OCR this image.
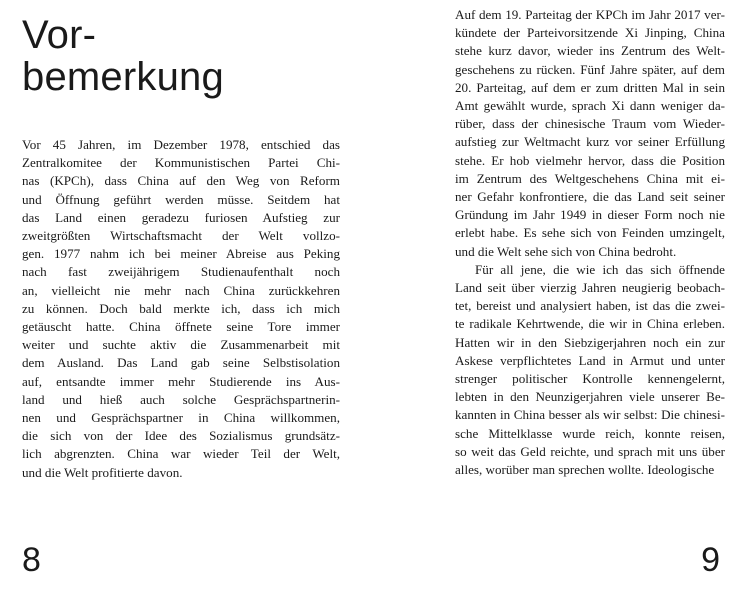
Vor-
bemerkung

Vor 45 Jahren, im Dezember 1978, entschied das
Zentralkomitee der Kommunistischen Partei Chi-
nas (KPCh), dass China auf den Weg von Reform
und Öffnung geführt werden müsse. Seitdem hat
das Land einen geradezu furiosen Aufstieg zur
zweitgrößten Wirtschaftsmacht der Welt vollzo-
gen. 1977 nahm ich bei meiner Abreise aus Peking
nach fast zweijährigem Studienaufenthalt noch
an, vielleicht nie mehr nach China zurückkehren
zu können. Doch bald merkte ich, dass ich mich
getäuscht hatte. China öffnete seine Tore immer
weiter und suchte aktiv die Zusammenarbeit mit
dem Ausland. Das Land gab seine Selbstisolation
auf, entsandte immer mehr Studierende ins Aus-
land und hieß auch solche Gesprächspartnerin-
nen und Gesprächspartner in China willkommen,
die sich von der Idee des Sozialismus grundsätz-
lich abgrenzten. China war wieder Teil der Welt,
und die Welt profitierte davon.

8

Auf dem 19. Parteitag der KPCh im Jahr 2017 ver-
kündete der Parteivorsitzende Xi Jinping, China
stehe kurz davor, wieder ins Zentrum des Welt-
geschehens zu rücken. Fünf Jahre später, auf dem
20. Parteitag, auf dem er zum dritten Mal in sein
Amt gewählt wurde, sprach Xi dann weniger da-
rüber, dass der chinesische Traum vom Wieder-
aufstieg zur Weltmacht kurz vor seiner Erfüllung
stehe. Er hob vielmehr hervor, dass die Position
im Zentrum des Weltgeschehens China mit ei-
ner Gefahr konfrontiere, die das Land seit seiner
Gründung im Jahr 1949 in dieser Form noch nie
erlebt habe. Es sehe sich von Feinden umzingelt,
und die Welt sehe sich von China bedroht.

Für all jene, die wie ich das sich öffnende
Land seit über vierzig Jahren neugierig beobach-
tet, bereist und analysiert haben, ist das die zwei-
te radikale Kehrtwende, die wir in China erleben.
Hatten wir in den Siebzigerjahren noch ein zur
Askese verpflichtetes Land in Armut und unter
strenger politischer Kontrolle kennengelernt,
lebten in den Neunzigerjahren viele unserer Be-
kannten in China besser als wir selbst: Die chinesi-
sche Mittelklasse wurde reich, konnte reisen,
so weit das Geld reichte, und sprach mit uns über
alles, worüber man sprechen wollte. Ideologische

9
